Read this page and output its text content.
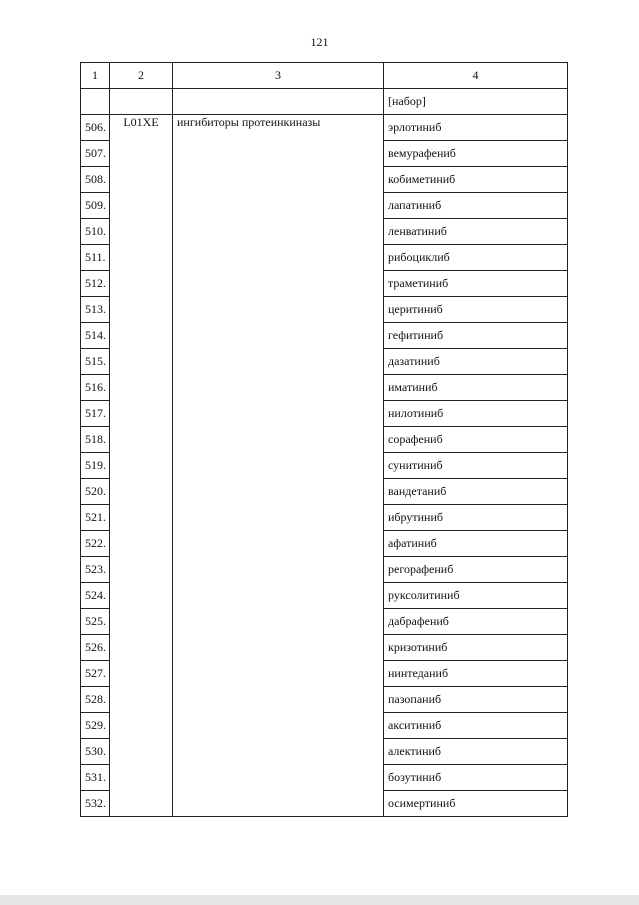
121
1	2	3	4
			[набор]
506.	L01XE	ингибиторы протеинкиназы	эрлотиниб
507.			вемурафениб
508.			кобиметиниб
509.			лапатиниб
510.			ленватиниб
511.			рибоциклиб
512.			траметиниб
513.			церитиниб
514.			гефитиниб
515.			дазатиниб
516.			иматиниб
517.			нилотиниб
518.			сорафениб
519.			сунитиниб
520.			вандетаниб
521.			ибрутиниб
522.			афатиниб
523.			регорафениб
524.			руксолитиниб
525.			дабрафениб
526.			кризотиниб
527.			нинтеданиб
528.			пазопаниб
529.			акситиниб
530.			алектиниб
531.			бозутиниб
532.			осимертиниб
